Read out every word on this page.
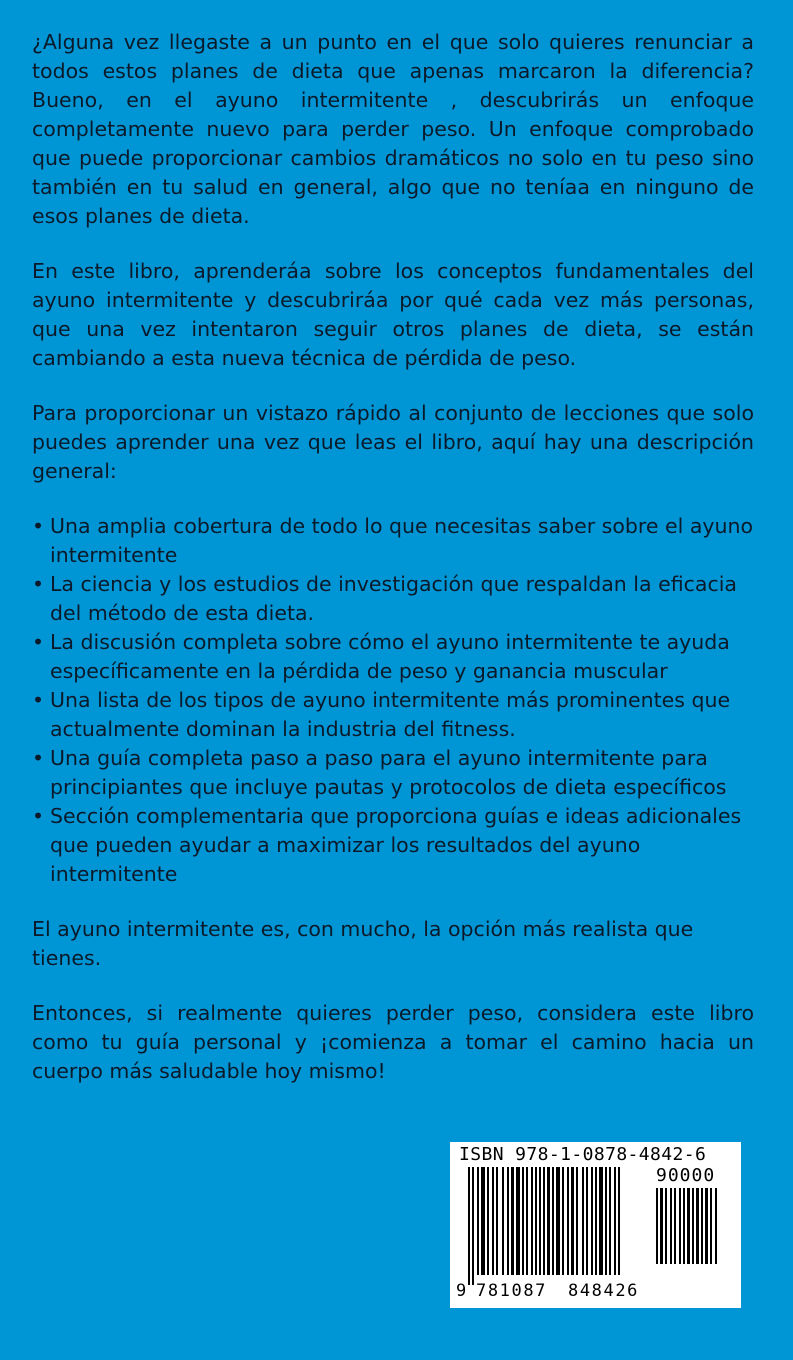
¿Alguna vez llegaste a un punto en el que solo quieres renunciar a todos estos planes de dieta que apenas marcaron la diferencia? Bueno, en el ayuno intermitente , descubrirás un enfoque completamente nuevo para perder peso. Un enfoque comprobado que puede proporcionar cambios dramáticos no solo en tu peso sino también en tu salud en general, algo que no teníaa en ninguno de esos planes de dieta.

En este libro, aprenderáa sobre los conceptos fundamentales del ayuno intermitente y descubriráa por qué cada vez más personas, que una vez intentaron seguir otros planes de dieta, se están cambiando a esta nueva técnica de pérdida de peso.

Para proporcionar un vistazo rápido al conjunto de lecciones que solo puedes aprender una vez que leas el libro, aquí hay una descripción general:

• Una amplia cobertura de todo lo que necesitas saber sobre el ayuno intermitente
• La ciencia y los estudios de investigación que respaldan la eficacia del método de esta dieta.
• La discusión completa sobre cómo el ayuno intermitente te ayuda específicamente en la pérdida de peso y ganancia muscular
• Una lista de los tipos de ayuno intermitente más prominentes que actualmente dominan la industria del fitness.
• Una guía completa paso a paso para el ayuno intermitente para principiantes que incluye pautas y protocolos de dieta específicos
• Sección complementaria que proporciona guías e ideas adicionales que pueden ayudar a maximizar los resultados del ayuno intermitente

El ayuno intermitente es, con mucho, la opción más realista que tienes.

Entonces, si realmente quieres perder peso, considera este libro como tu guía personal y ¡comienza a tomar el camino hacia un cuerpo más saludable hoy mismo!

ISBN 978-1-0878-4842-6
90000
9 781087 848426
